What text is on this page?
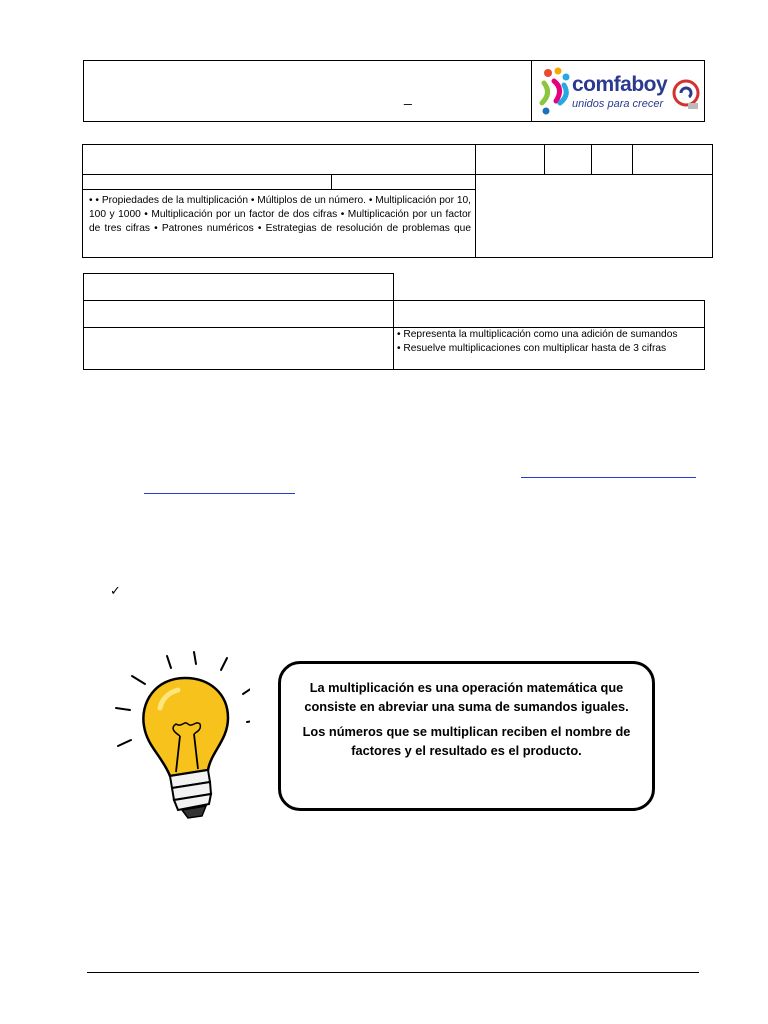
_
comfaboy
unidos para crecer
• • Propiedades de la multiplicación • Múltiplos de un número. • Multiplicación por 10, 100 y 1000 • Multiplicación por un factor de dos cifras • Multiplicación por un factor de tres cifras • Patrones numéricos • Estrategias de resolución de problemas que
• Representa la multiplicación como una adición de sumandos
• Resuelve multiplicaciones con multiplicar hasta de 3 cifras
✓

La multiplicación es una operación matemática que consiste en abreviar una suma de sumandos iguales.

Los números que se multiplican reciben el nombre de factores y el resultado es el producto.
